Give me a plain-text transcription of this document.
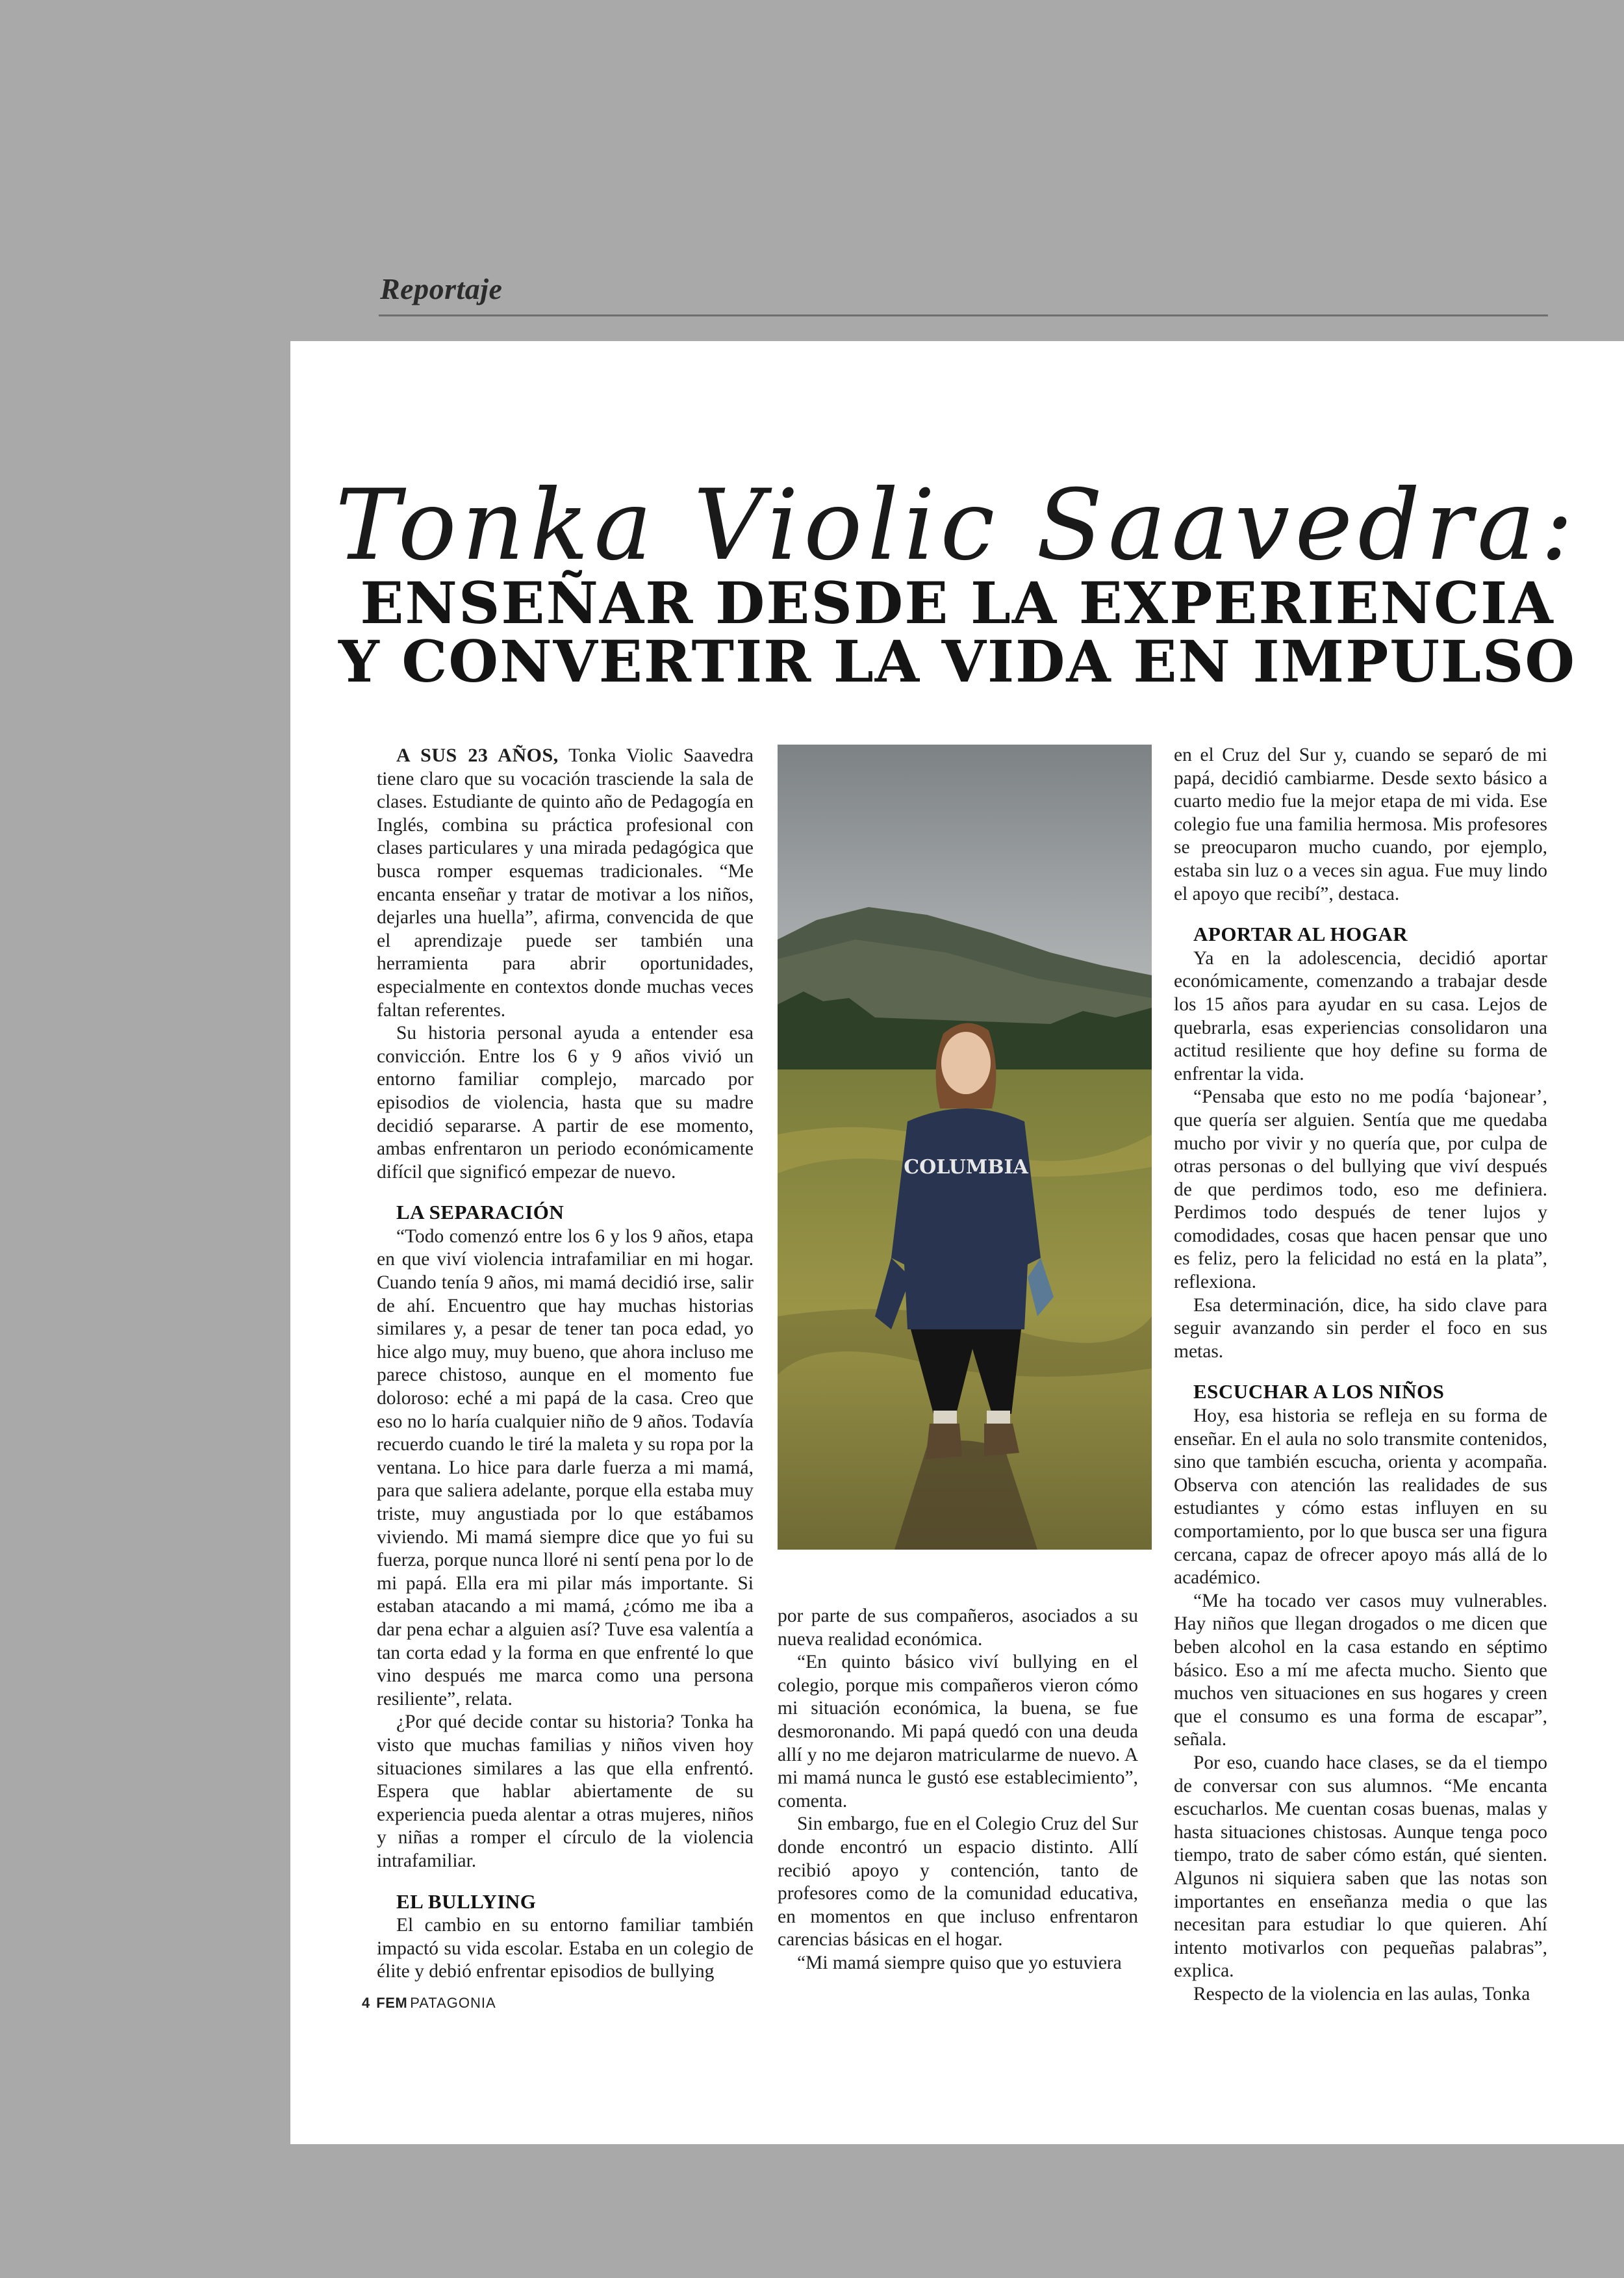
Reportaje
Tonka Violic Saavedra:
ENSEÑAR DESDE LA EXPERIENCIA
Y CONVERTIR LA VIDA EN IMPULSO

A SUS 23 AÑOS, Tonka Violic Saavedra tiene claro que su vocación trasciende la sala de clases. Estudiante de quinto año de Pedagogía en Inglés, combina su práctica profesional con clases particulares y una mirada pedagógica que busca romper esquemas tradicionales. “Me encanta enseñar y tratar de motivar a los niños, dejarles una huella”, afirma, convencida de que el aprendizaje puede ser también una herramienta para abrir oportunidades, especialmente en contextos donde muchas veces faltan referentes.

Su historia personal ayuda a entender esa convicción. Entre los 6 y 9 años vivió un entorno familiar complejo, marcado por episodios de violencia, hasta que su madre decidió separarse. A partir de ese momento, ambas enfrentaron un periodo económicamente difícil que significó empezar de nuevo.

LA SEPARACIÓN

“Todo comenzó entre los 6 y los 9 años, etapa en que viví violencia intrafamiliar en mi hogar. Cuando tenía 9 años, mi mamá decidió irse, salir de ahí. Encuentro que hay muchas historias similares y, a pesar de tener tan poca edad, yo hice algo muy, muy bueno, que ahora incluso me parece chistoso, aunque en el momento fue doloroso: eché a mi papá de la casa. Creo que eso no lo haría cualquier niño de 9 años. Todavía recuerdo cuando le tiré la maleta y su ropa por la ventana. Lo hice para darle fuerza a mi mamá, para que saliera adelante, porque ella estaba muy triste, muy angustiada por lo que estábamos viviendo. Mi mamá siempre dice que yo fui su fuerza, porque nunca lloré ni sentí pena por lo de mi papá. Ella era mi pilar más importante. Si estaban atacando a mi mamá, ¿cómo me iba a dar pena echar a alguien así? Tuve esa valentía a tan corta edad y la forma en que enfrenté lo que vino después me marca como una persona resiliente”, relata.

¿Por qué decide contar su historia? Tonka ha visto que muchas familias y niños viven hoy situaciones similares a las que ella enfrentó. Espera que hablar abiertamente de su experiencia pueda alentar a otras mujeres, niños y niñas a romper el círculo de la violencia intrafamiliar.

EL BULLYING

El cambio en su entorno familiar también impactó su vida escolar. Estaba en un colegio de élite y debió enfrentar episodios de bullying

COLUMBIA

por parte de sus compañeros, asociados a su nueva realidad económica.

“En quinto básico viví bullying en el colegio, porque mis compañeros vieron cómo mi situación económica, la buena, se fue desmoronando. Mi papá quedó con una deuda allí y no me dejaron matricularme de nuevo. A mi mamá nunca le gustó ese establecimiento”, comenta.

Sin embargo, fue en el Colegio Cruz del Sur donde encontró un espacio distinto. Allí recibió apoyo y contención, tanto de profesores como de la comunidad educativa, en momentos en que incluso enfrentaron carencias básicas en el hogar.

“Mi mamá siempre quiso que yo estuviera

en el Cruz del Sur y, cuando se separó de mi papá, decidió cambiarme. Desde sexto básico a cuarto medio fue la mejor etapa de mi vida. Ese colegio fue una familia hermosa. Mis profesores se preocuparon mucho cuando, por ejemplo, estaba sin luz o a veces sin agua. Fue muy lindo el apoyo que recibí”, destaca.

APORTAR AL HOGAR

Ya en la adolescencia, decidió aportar económicamente, comenzando a trabajar desde los 15 años para ayudar en su casa. Lejos de quebrarla, esas experiencias consolidaron una actitud resiliente que hoy define su forma de enfrentar la vida.

“Pensaba que esto no me podía ‘bajonear’, que quería ser alguien. Sentía que me quedaba mucho por vivir y no quería que, por culpa de otras personas o del bullying que viví después de que perdimos todo, eso me definiera. Perdimos todo después de tener lujos y comodidades, cosas que hacen pensar que uno es feliz, pero la felicidad no está en la plata”, reflexiona.

Esa determinación, dice, ha sido clave para seguir avanzando sin perder el foco en sus metas.

ESCUCHAR A LOS NIÑOS

Hoy, esa historia se refleja en su forma de enseñar. En el aula no solo transmite contenidos, sino que también escucha, orienta y acompaña. Observa con atención las realidades de sus estudiantes y cómo estas influyen en su comportamiento, por lo que busca ser una figura cercana, capaz de ofrecer apoyo más allá de lo académico.

“Me ha tocado ver casos muy vulnerables. Hay niños que llegan drogados o me dicen que beben alcohol en la casa estando en séptimo básico. Eso a mí me afecta mucho. Siento que muchos ven situaciones en sus hogares y creen que el consumo es una forma de escapar”, señala.

Por eso, cuando hace clases, se da el tiempo de conversar con sus alumnos. “Me encanta escucharlos. Me cuentan cosas buenas, malas y hasta situaciones chistosas. Aunque tenga poco tiempo, trato de saber cómo están, qué sienten. Algunos ni siquiera saben que las notas son importantes en enseñanza media o que las necesitan para estudiar lo que quieren. Ahí intento motivarlos con pequeñas palabras”, explica.

Respecto de la violencia en las aulas, Tonka

4 FEM PATAGONIA
